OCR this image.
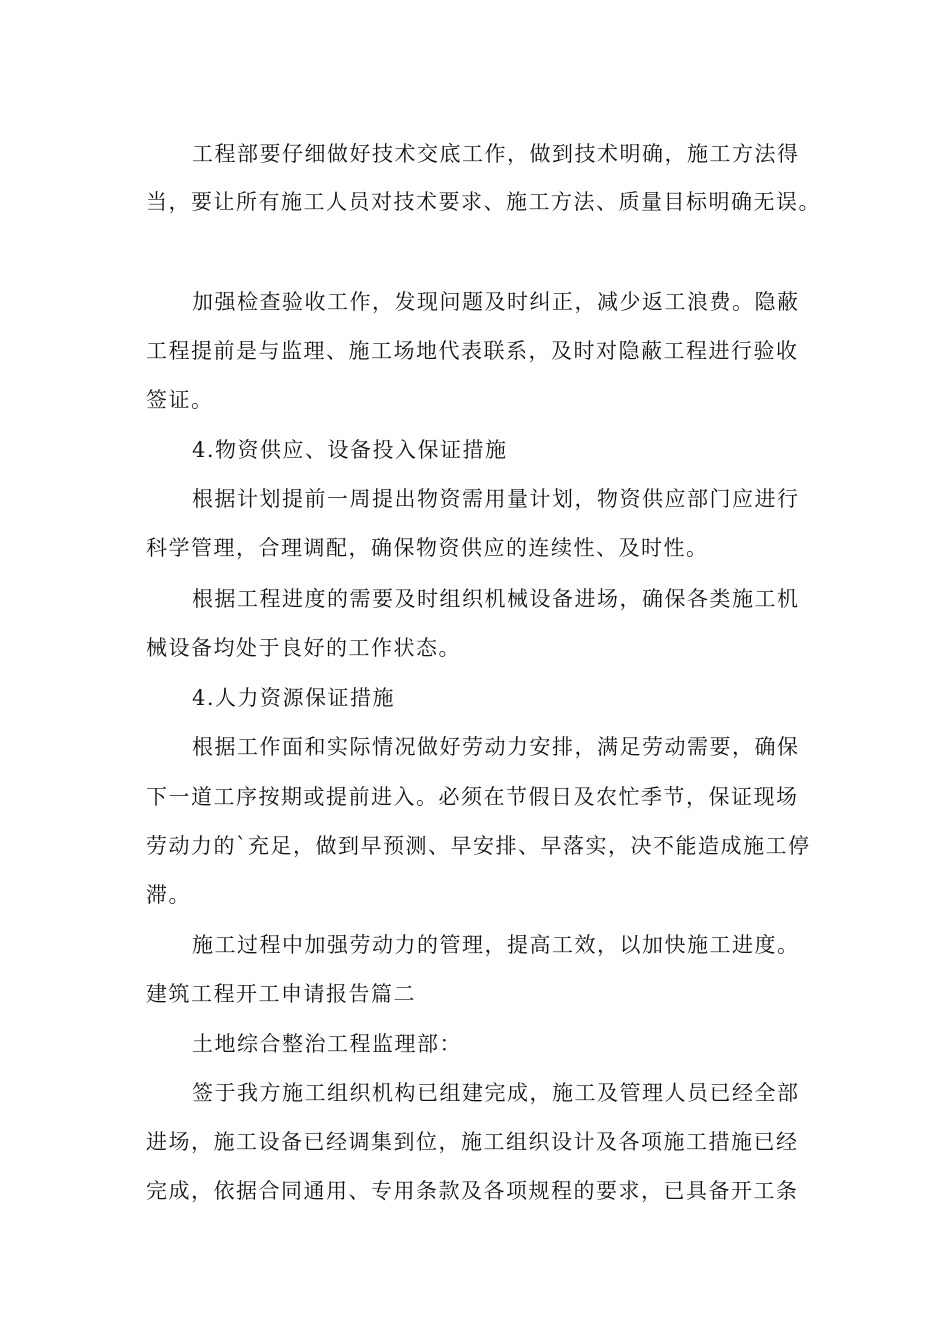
工程部要仔细做好技术交底工作，做到技术明确，施工方法得
当，要让所有施工人员对技术要求、施工方法、质量目标明确无误。
加强检查验收工作，发现问题及时纠正，减少返工浪费。隐蔽
工程提前是与监理、施工场地代表联系，及时对隐蔽工程进行验收
签证。
4.物资供应、设备投入保证措施
根据计划提前一周提出物资需用量计划，物资供应部门应进行
科学管理，合理调配，确保物资供应的连续性、及时性。
根据工程进度的需要及时组织机械设备进场，确保各类施工机
械设备均处于良好的工作状态。
4.人力资源保证措施
根据工作面和实际情况做好劳动力安排，满足劳动需要，确保
下一道工序按期或提前进入。必须在节假日及农忙季节，保证现场
劳动力的`充足，做到早预测、早安排、早落实，决不能造成施工停
滞。
施工过程中加强劳动力的管理，提高工效，以加快施工进度。
建筑工程开工申请报告篇二
土地综合整治工程监理部：
签于我方施工组织机构已组建完成，施工及管理人员已经全部
进场，施工设备已经调集到位，施工组织设计及各项施工措施已经
完成，依据合同通用、专用条款及各项规程的要求，已具备开工条
